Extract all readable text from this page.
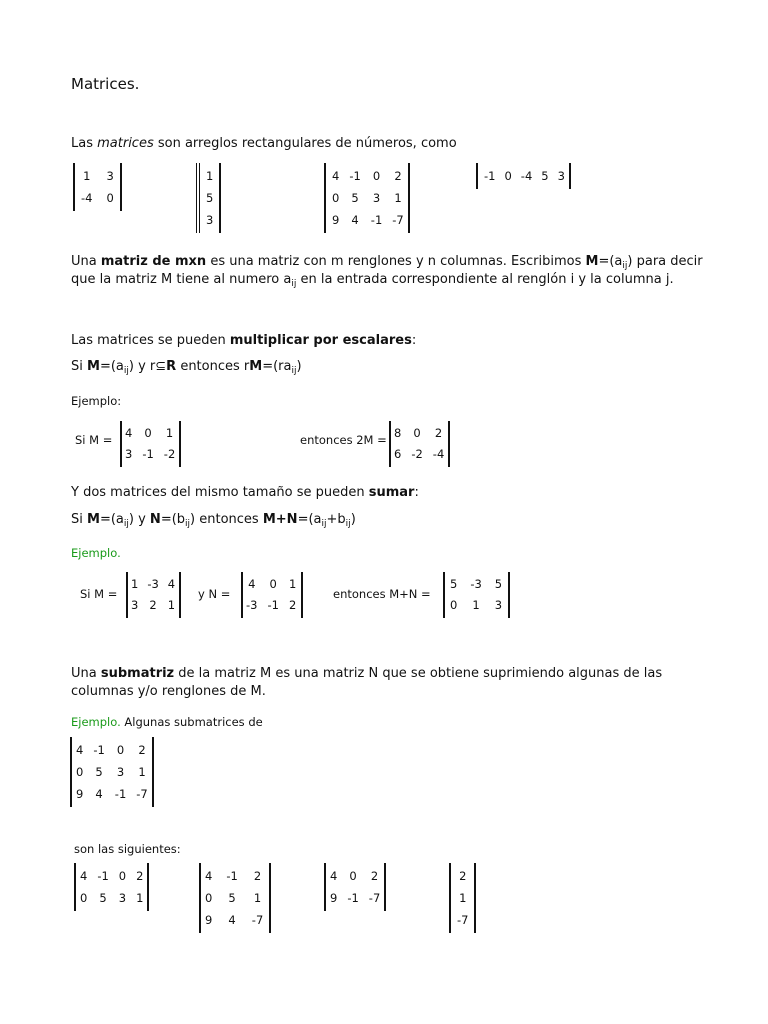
Matrices.
Las matrices son arreglos rectangulares de números, como
1 3
-4 0
1
5
3
4 -1 0 2
0 5 3 1
9 4 -1 -7
-1 0 -4 5 3
Una matriz de mxn es una matriz con m renglones y n columnas. Escribimos $M=(a_{ij})$ para decir
que la matriz M tiene al numero $a_{ij}$ en la entrada correspondiente al renglón i y la columna j.
Las matrices se pueden multiplicar por escalares:
Si $M=(a_{ij})$ y r⊆R entonces $rM=(ra_{ij})$
Ejemplo:
Si M = 4 0 1
3 -1 -2
entonces 2M = 8 0 2
6 -2 -4
Y dos matrices del mismo tamaño se pueden sumar:
Si $M=(a_{ij})$ y $N=(b_{ij})$ entonces $M+N=(a_{ij}+b_{ij})$
Ejemplo.
Si M =
1 -3 4
3 2 1
y N =
4 0 1
-3 -1 2
entonces M+N =
5 -3 5
0 1 3
Una submatriz de la matriz M es una matriz N que se obtiene suprimiendo algunas de las
columnas y/o renglones de M.
Ejemplo. Algunas submatrices de
4 -1 0 2
0 5 3 1
9 4 -1 -7
son las siguientes:
4 -1 0 2
0 5 3 1
4 -1 2
0 5 1
9 4 -7
4 0 2
9 -1 -7
2
1
-7
